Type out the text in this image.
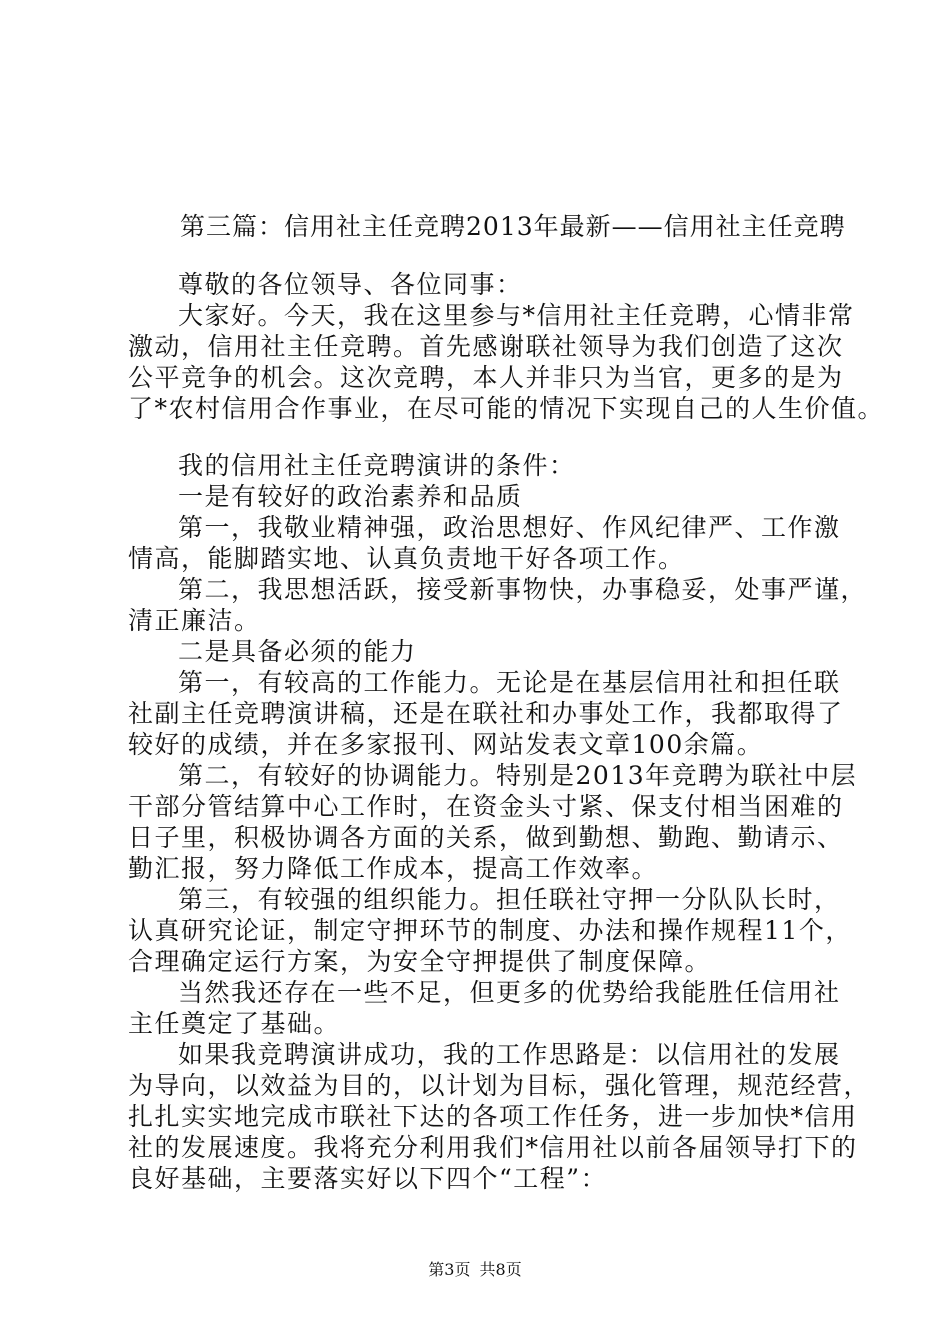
第三篇：信用社主任竞聘2013年最新——信用社主任竞聘
尊敬的各位领导、各位同事：
大家好。今天，我在这里参与*信用社主任竞聘，心情非常
激动，信用社主任竞聘。首先感谢联社领导为我们创造了这次
公平竞争的机会。这次竞聘，本人并非只为当官，更多的是为
了*农村信用合作事业，在尽可能的情况下实现自己的人生价值。
我的信用社主任竞聘演讲的条件：
一是有较好的政治素养和品质
第一，我敬业精神强，政治思想好、作风纪律严、工作激
情高，能脚踏实地、认真负责地干好各项工作。
第二，我思想活跃，接受新事物快，办事稳妥，处事严谨，
清正廉洁。
二是具备必须的能力
第一，有较高的工作能力。无论是在基层信用社和担任联
社副主任竞聘演讲稿，还是在联社和办事处工作，我都取得了
较好的成绩，并在多家报刊、网站发表文章100余篇。
第二，有较好的协调能力。特别是2013年竞聘为联社中层
干部分管结算中心工作时，在资金头寸紧、保支付相当困难的
日子里，积极协调各方面的关系，做到勤想、勤跑、勤请示、
勤汇报，努力降低工作成本，提高工作效率。
第三，有较强的组织能力。担任联社守押一分队队长时，
认真研究论证，制定守押环节的制度、办法和操作规程11个，
合理确定运行方案，为安全守押提供了制度保障。
当然我还存在一些不足，但更多的优势给我能胜任信用社
主任奠定了基础。
如果我竞聘演讲成功，我的工作思路是：以信用社的发展
为导向，以效益为目的，以计划为目标，强化管理，规范经营，
扎扎实实地完成市联社下达的各项工作任务，进一步加快*信用
社的发展速度。我将充分利用我们*信用社以前各届领导打下的
良好基础，主要落实好以下四个“工程”：
第3页 共8页
